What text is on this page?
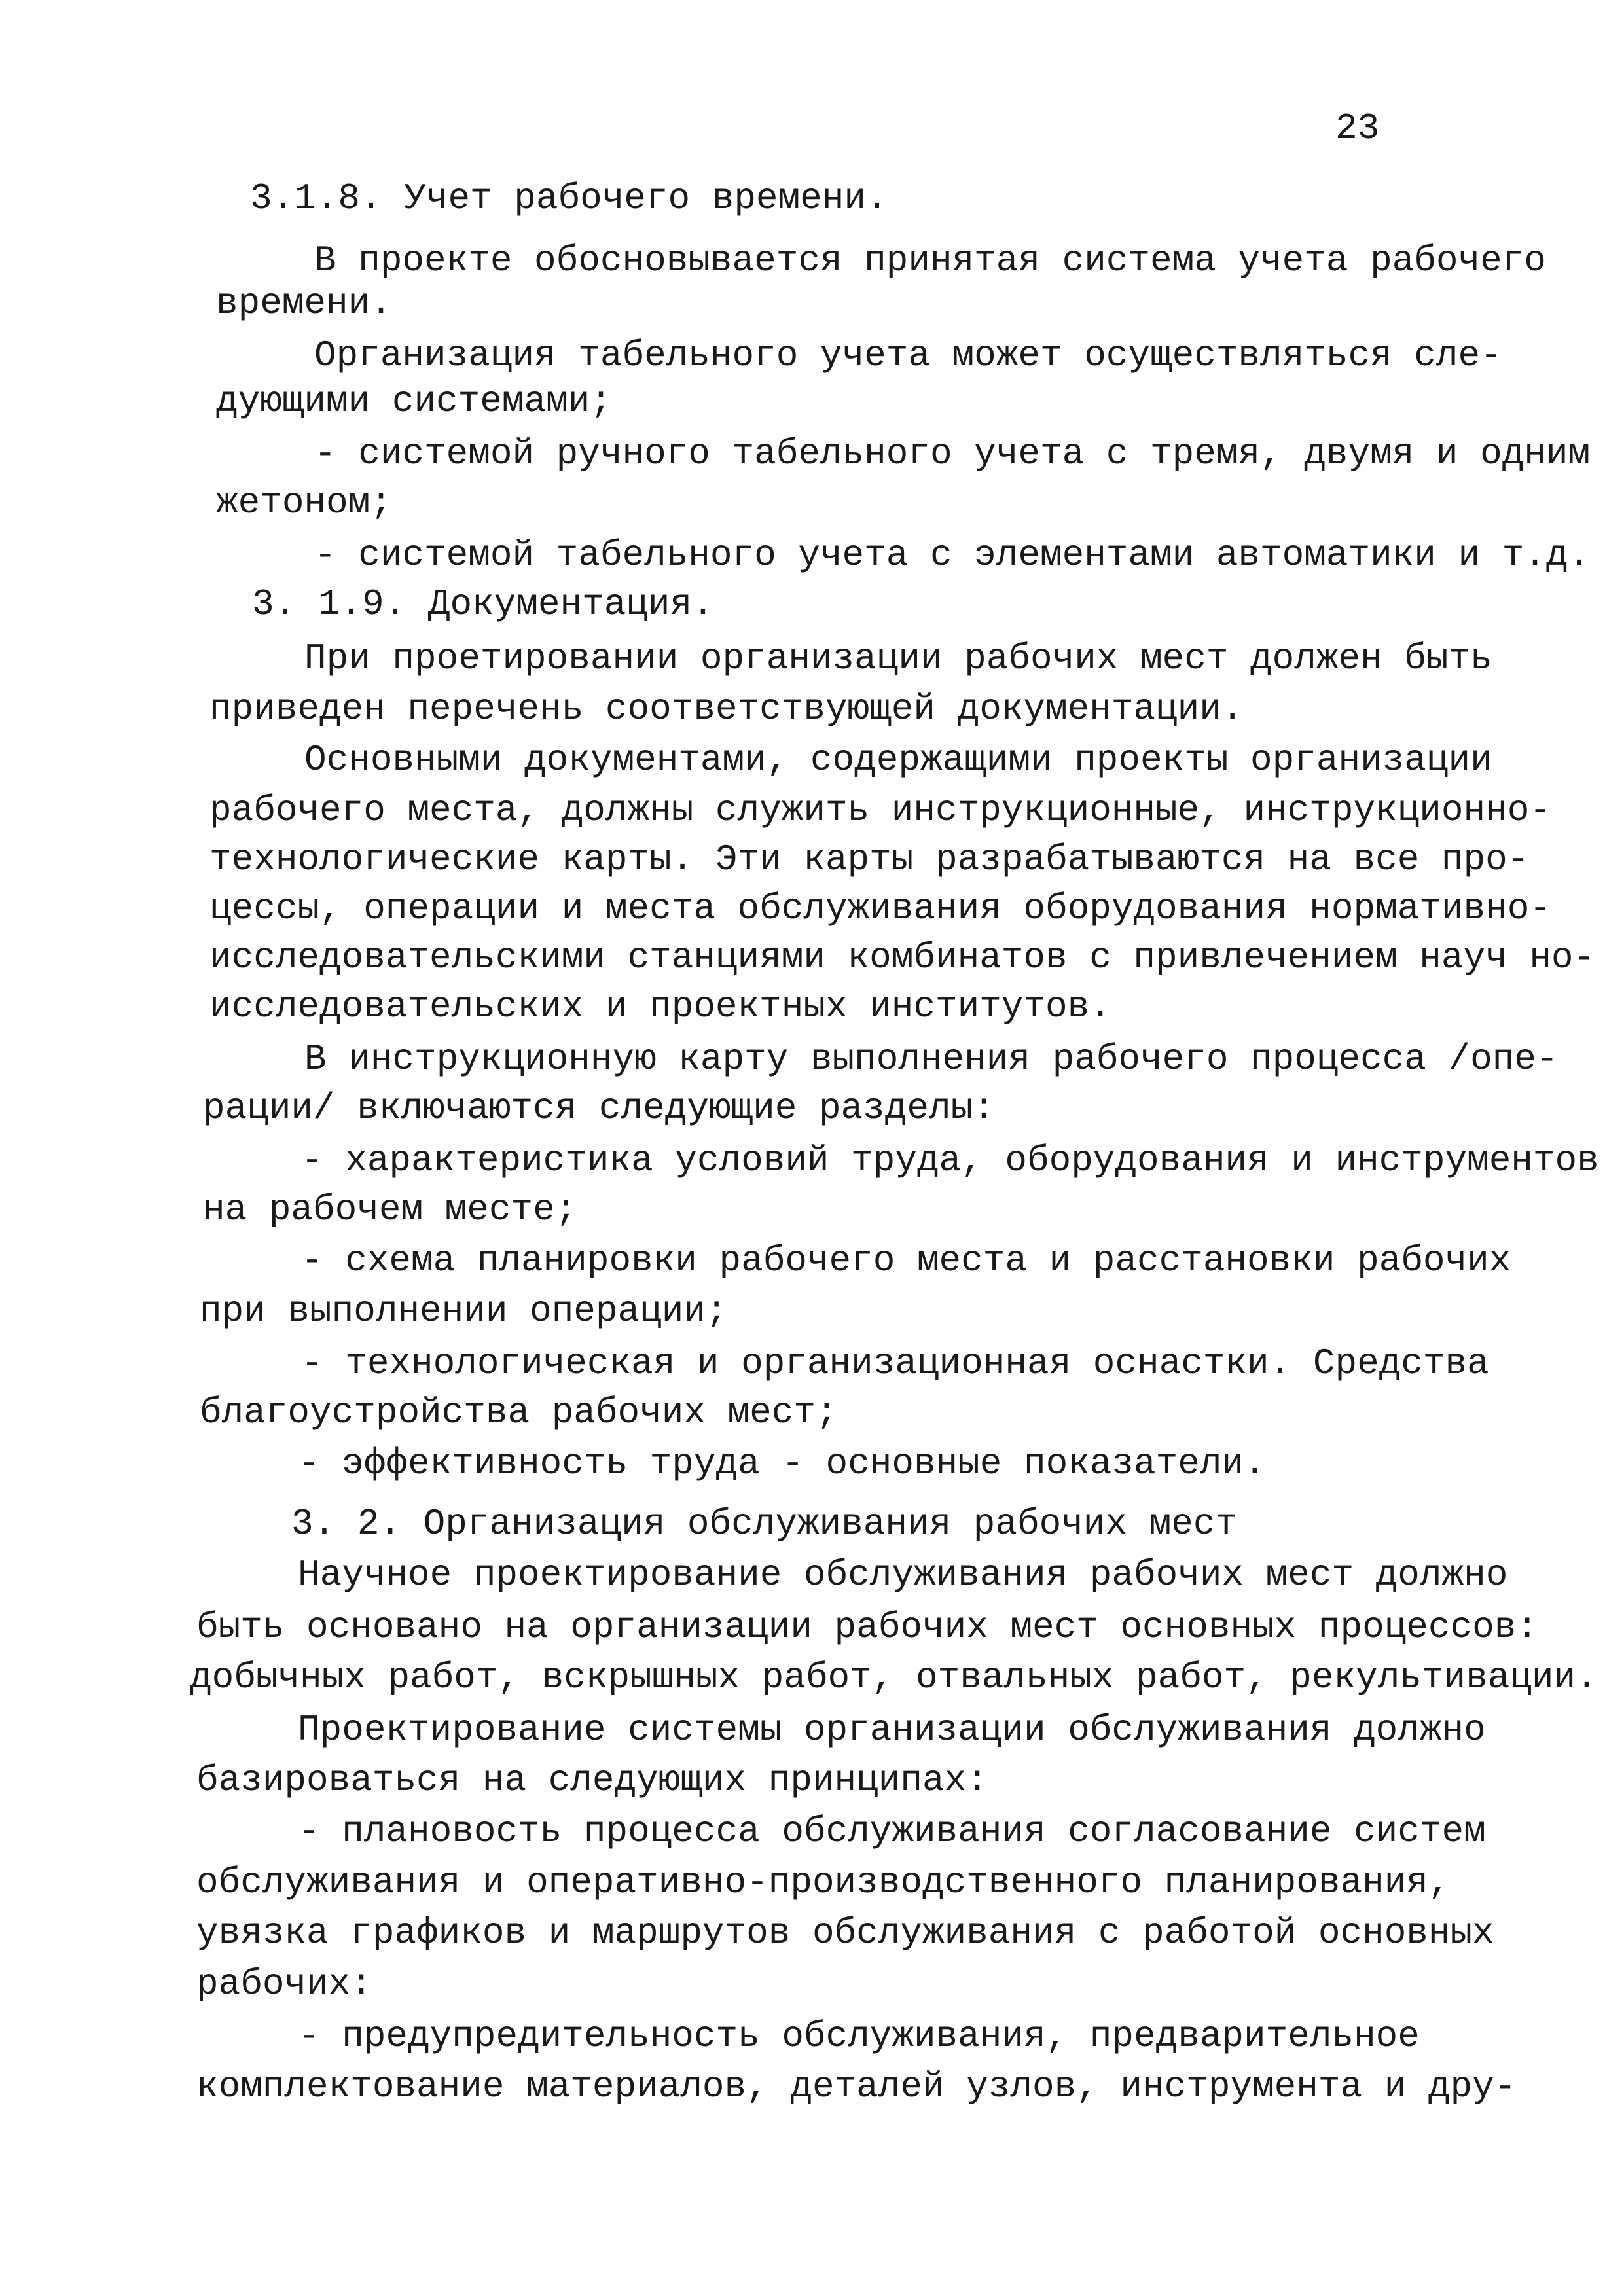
23
3.1.8. Учет рабочего времени.
В проекте обосновывается принятая система учета рабочего
времени.
Организация табельного учета может осуществляться сле-
дующими системами;
- системой ручного табельного учета с тремя, двумя и одним
жетоном;
- системой табельного учета с элементами автоматики и т.д.
3. 1.9. Документация.
При проетировании организации рабочих мест должен быть
приведен перечень соответствующей документации.
Основными документами, содержащими проекты организации
рабочего места, должны служить инструкционные, инструкционно-
технологические карты. Эти карты разрабатываются на все про-
цессы, операции и места обслуживания оборудования нормативно-
исследовательскими станциями комбинатов с привлечением науч но-
исследовательских и проектных институтов.
В инструкционную карту выполнения рабочего процесса /опе-
рации/ включаются следующие разделы:
- характеристика условий труда, оборудования и инструментов
на рабочем месте;
- схема планировки рабочего места и расстановки рабочих
при выполнении операции;
- технологическая и организационная оснастки. Средства
благоустройства рабочих мест;
- эффективность труда - основные показатели.
3. 2. Организация обслуживания рабочих мест
Научное проектирование обслуживания рабочих мест должно
быть основано на организации рабочих мест основных процессов:
добычных работ, вскрышных работ, отвальных работ, рекультивации.
Проектирование системы организации обслуживания должно
базироваться на следующих принципах:
- плановость процесса обслуживания согласование систем
обслуживания и оперативно-производственного планирования,
увязка графиков и маршрутов обслуживания с работой основных
рабочих:
- предупредительность обслуживания, предварительное
комплектование материалов, деталей узлов, инструмента и дру-
